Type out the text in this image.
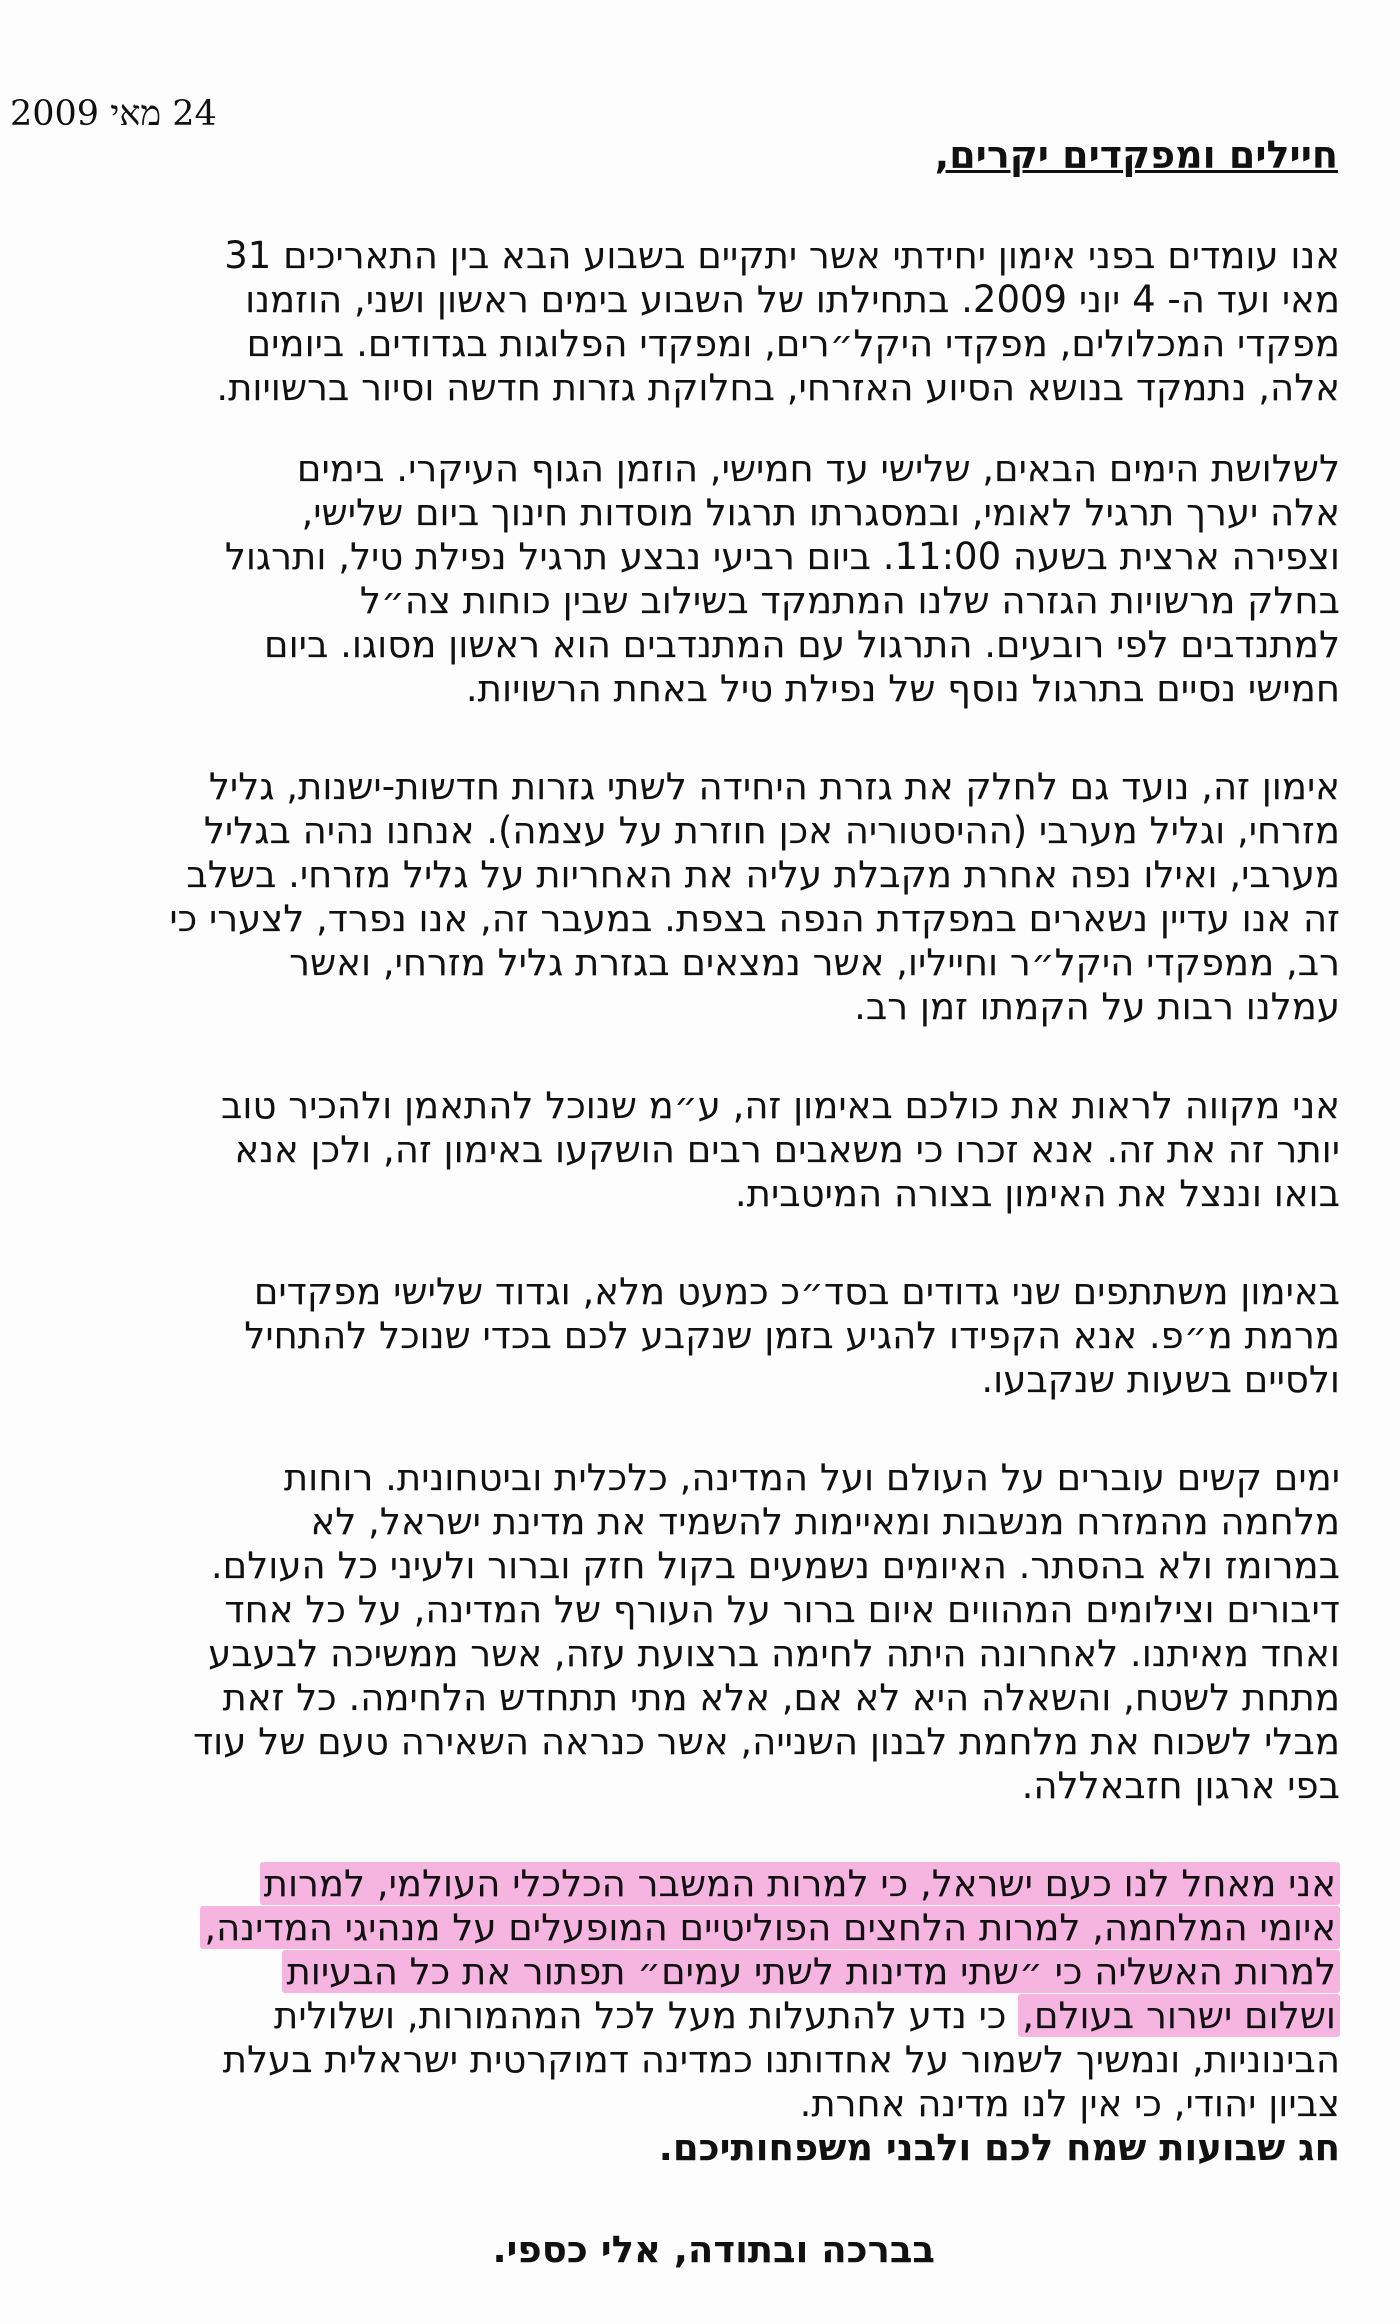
24 מאי 2009
חיילים ומפקדים יקרים,
אנו עומדים בפני אימון יחידתי אשר יתקיים בשבוע הבא בין התאריכים 31
מאי ועד ה- 4 יוני 2009. בתחילתו של השבוע בימים ראשון ושני, הוזמנו
מפקדי המכלולים, מפקדי היקל״רים, ומפקדי הפלוגות בגדודים. ביומים
אלה, נתמקד בנושא הסיוע האזרחי, בחלוקת גזרות חדשה וסיור ברשויות.
לשלושת הימים הבאים, שלישי עד חמישי, הוזמן הגוף העיקרי. בימים
אלה יערך תרגיל לאומי, ובמסגרתו תרגול מוסדות חינוך ביום שלישי,
וצפירה ארצית בשעה 11:00. ביום רביעי נבצע תרגיל נפילת טיל, ותרגול
בחלק מרשויות הגזרה שלנו המתמקד בשילוב שבין כוחות צה״ל
למתנדבים לפי רובעים. התרגול עם המתנדבים הוא ראשון מסוגו. ביום
חמישי נסיים בתרגול נוסף של נפילת טיל באחת הרשויות.
אימון זה, נועד גם לחלק את גזרת היחידה לשתי גזרות חדשות-ישנות, גליל
מזרחי, וגליל מערבי (ההיסטוריה אכן חוזרת על עצמה). אנחנו נהיה בגליל
מערבי, ואילו נפה אחרת מקבלת עליה את האחריות על גליל מזרחי. בשלב
זה אנו עדיין נשארים במפקדת הנפה בצפת. במעבר זה, אנו נפרד, לצערי כי
רב, ממפקדי היקל״ר וחייליו, אשר נמצאים בגזרת גליל מזרחי, ואשר
עמלנו רבות על הקמתו זמן רב.
אני מקווה לראות את כולכם באימון זה, ע״מ שנוכל להתאמן ולהכיר טוב
יותר זה את זה. אנא זכרו כי משאבים רבים הושקעו באימון זה, ולכן אנא
בואו וננצל את האימון בצורה המיטבית.
באימון משתתפים שני גדודים בסד״כ כמעט מלא, וגדוד שלישי מפקדים
מרמת מ״פ. אנא הקפידו להגיע בזמן שנקבע לכם בכדי שנוכל להתחיל
ולסיים בשעות שנקבעו.
ימים קשים עוברים על העולם ועל המדינה, כלכלית וביטחונית. רוחות
מלחמה מהמזרח מנשבות ומאיימות להשמיד את מדינת ישראל, לא
במרומז ולא בהסתר. האיומים נשמעים בקול חזק וברור ולעיני כל העולם.
דיבורים וצילומים המהווים איום ברור על העורף של המדינה, על כל אחד
ואחד מאיתנו. לאחרונה היתה לחימה ברצועת עזה, אשר ממשיכה לבעבע
מתחת לשטח, והשאלה היא לא אם, אלא מתי תתחדש הלחימה. כל זאת
מבלי לשכוח את מלחמת לבנון השנייה, אשר כנראה השאירה טעם של עוד
בפי ארגון חזבאללה.
אני מאחל לנו כעם ישראל, כי למרות המשבר הכלכלי העולמי, למרות
איומי המלחמה, למרות הלחצים הפוליטיים המופעלים על מנהיגי המדינה,
למרות האשליה כי ״שתי מדינות לשתי עמים״ תפתור את כל הבעיות
ושלום ישרור בעולם, כי נדע להתעלות מעל לכל המהמורות, ושלולית
הבינוניות, ונמשיך לשמור על אחדותנו כמדינה דמוקרטית ישראלית בעלת
צביון יהודי, כי אין לנו מדינה אחרת.
חג שבועות שמח לכם ולבני משפחותיכם.
בברכה ובתודה, אלי כספי.
